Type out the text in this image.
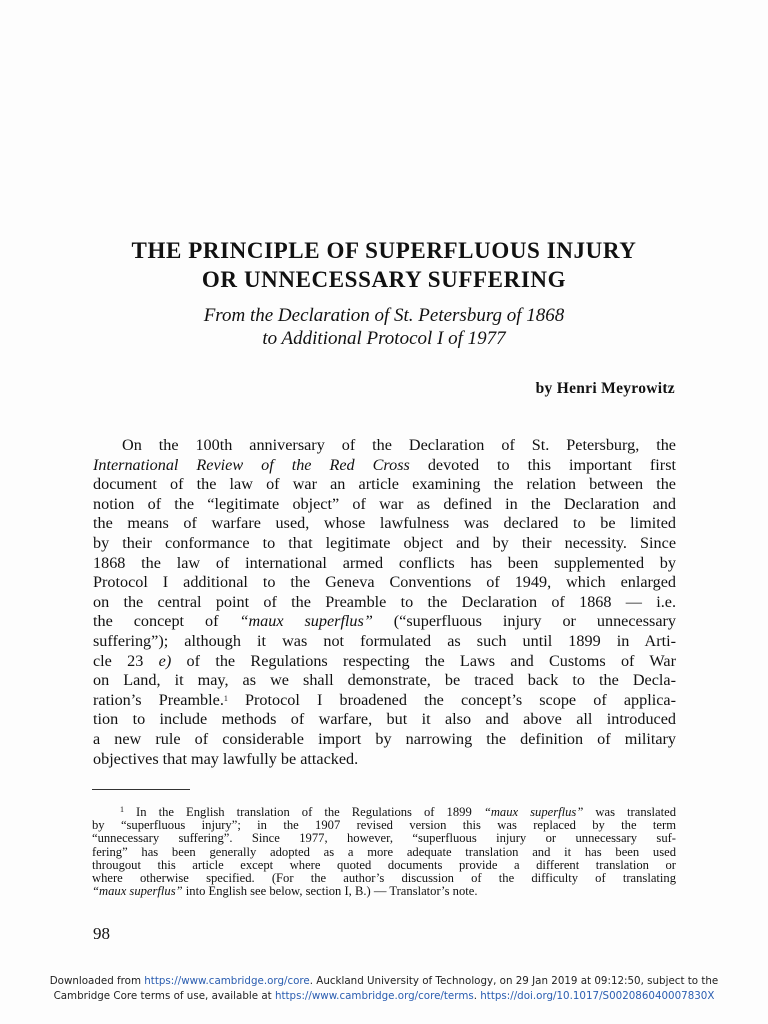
THE PRINCIPLE OF SUPERFLUOUS INJURY
OR UNNECESSARY SUFFERING
From the Declaration of St. Petersburg of 1868
to Additional Protocol I of 1977
by Henri Meyrowitz
On the 100th anniversary of the Declaration of St. Petersburg, the
International Review of the Red Cross devoted to this important first
document of the law of war an article examining the relation between the
notion of the “legitimate object” of war as defined in the Declaration and
the means of warfare used, whose lawfulness was declared to be limited
by their conformance to that legitimate object and by their necessity. Since
1868 the law of international armed conflicts has been supplemented by
Protocol I additional to the Geneva Conventions of 1949, which enlarged
on the central point of the Preamble to the Declaration of 1868 — i.e.
the concept of “maux superflus” (“superfluous injury or unnecessary
suffering”); although it was not formulated as such until 1899 in Arti-
cle 23 e) of the Regulations respecting the Laws and Customs of War
on Land, it may, as we shall demonstrate, be traced back to the Decla-
ration’s Preamble.$^1$ Protocol I broadened the concept’s scope of applica-
tion to include methods of warfare, but it also and above all introduced
a new rule of considerable import by narrowing the definition of military
objectives that may lawfully be attacked.
$^1$ In the English translation of the Regulations of 1899 “maux superflus” was translated
by “superfluous injury”; in the 1907 revised version this was replaced by the term
“unnecessary suffering”. Since 1977, however, “superfluous injury or unnecessary suf-
fering” has been generally adopted as a more adequate translation and it has been used
througout this article except where quoted documents provide a different translation or
where otherwise specified. (For the author’s discussion of the difficulty of translating
“maux superflus” into English see below, section I, B.) — Translator’s note.
98
Downloaded from https://www.cambridge.org/core. Auckland University of Technology, on 29 Jan 2019 at 09:12:50, subject to the
Cambridge Core terms of use, available at https://www.cambridge.org/core/terms. https://doi.org/10.1017/S002086040007830X
